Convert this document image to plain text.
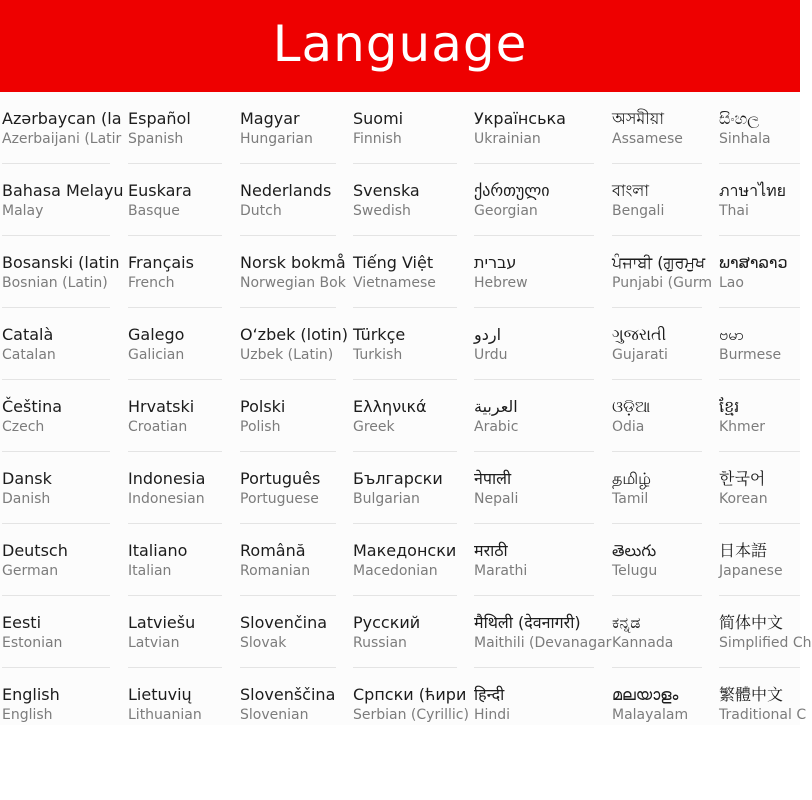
Language
Azərbaycan (la
Azerbaijani (Latir
Bahasa Melayu
Malay
Bosanski (latin
Bosnian (Latin)
Català
Catalan
Čeština
Czech
Dansk
Danish
Deutsch
German
Eesti
Estonian
English
English
Español
Spanish
Euskara
Basque
Français
French
Galego
Galician
Hrvatski
Croatian
Indonesia
Indonesian
Italiano
Italian
Latviešu
Latvian
Lietuvių
Lithuanian
Magyar
Hungarian
Nederlands
Dutch
Norsk bokmå
Norwegian Bok
O‘zbek (lotin)
Uzbek (Latin)
Polski
Polish
Português
Portuguese
Română
Romanian
Slovenčina
Slovak
Slovenščina
Slovenian
Suomi
Finnish
Svenska
Swedish
Tiếng Việt
Vietnamese
Türkçe
Turkish
Ελληνικά
Greek
Български
Bulgarian
Македонски
Macedonian
Русский
Russian
Српски (ћири
Serbian (Cyrillic)
Українська
Ukrainian
ქართული
Georgian
עברית
Hebrew
اردو
Urdu
العربية
Arabic
नेपाली
Nepali
मराठी
Marathi
मैथिली (देवनागरी)
Maithili (Devanagar
हिन्दी
Hindi
অসমীয়া
Assamese
বাংলা
Bengali
ਪੰਜਾਬੀ (ਗੁਰਮੁਖ
Punjabi (Gurm
ગુજરાતી
Gujarati
ଓଡ଼ିଆ
Odia
தமிழ்
Tamil
తెలుగు
Telugu
ಕನ್ನಡ
Kannada
മലയാളം
Malayalam
සිංහල
Sinhala
ภาษาไทย
Thai
ພາສາລາວ
Lao
ဗမာ
Burmese
ខ្មែរ
Khmer
한국어
Korean
日本語
Japanese
简体中文
Simplified Ch
繁體中文
Traditional C
